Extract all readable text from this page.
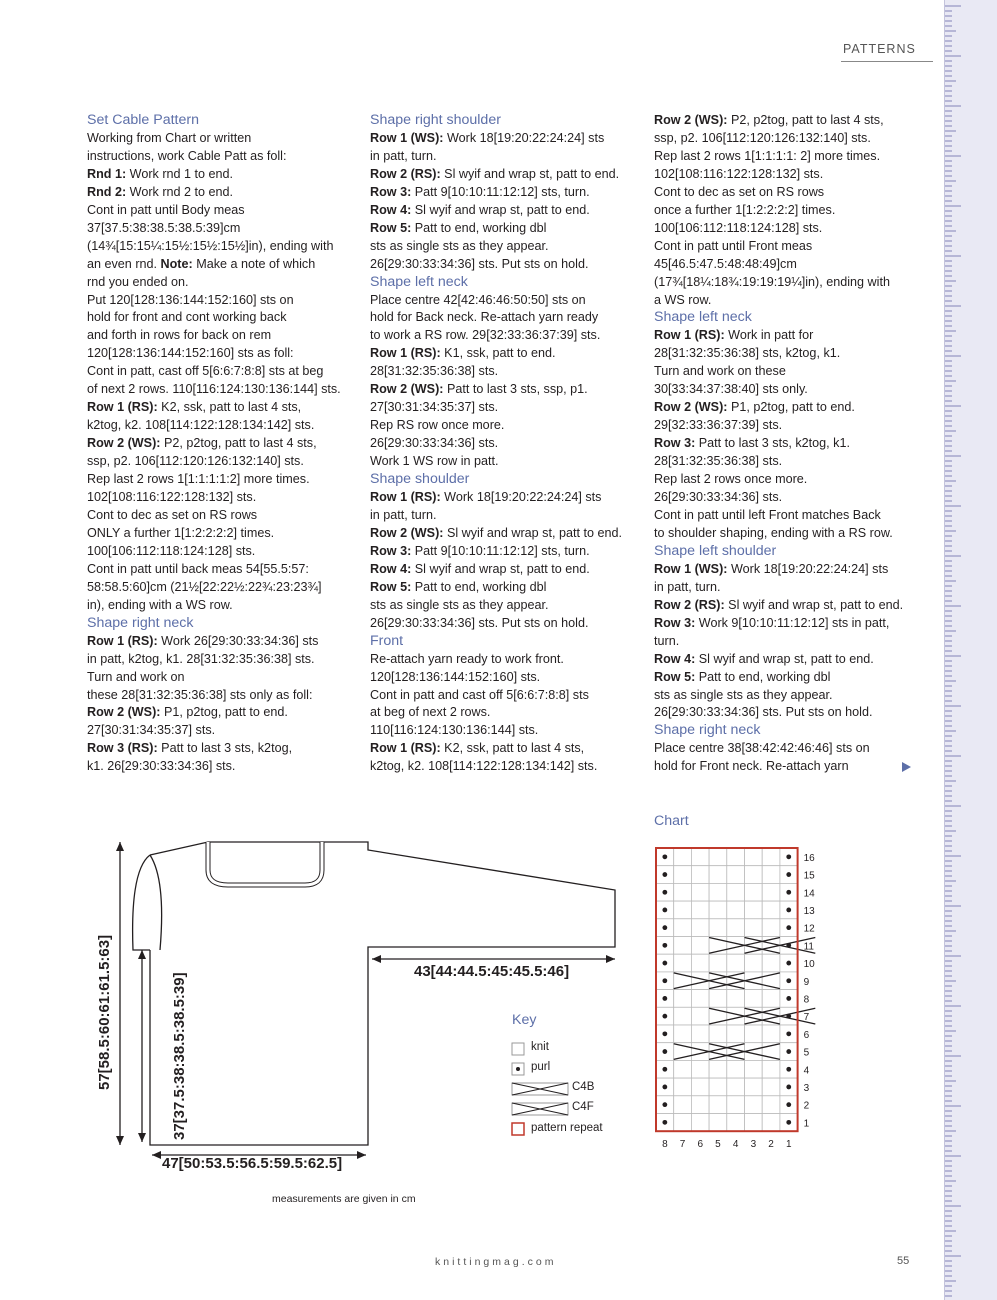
PATTERNS

Set Cable Pattern

Working from Chart or written

instructions, work Cable Patt as foll:

Rnd 1: Work rnd 1 to end.

Rnd 2: Work rnd 2 to end.

Cont in patt until Body meas

37[37.5:38:38.5:38.5:39]cm

(14¾[15:15¼:15½:15½:15½]in), ending with

an even rnd. Note: Make a note of which

rnd you ended on.

Put 120[128:136:144:152:160] sts on

hold for front and cont working back

and forth in rows for back on rem

120[128:136:144:152:160] sts as foll:

Cont in patt, cast off 5[6:6:7:8:8] sts at beg

of next 2 rows. 110[116:124:130:136:144] sts.

Row 1 (RS): K2, ssk, patt to last 4 sts,

k2tog, k2. 108[114:122:128:134:142] sts.

Row 2 (WS): P2, p2tog, patt to last 4 sts,

ssp, p2. 106[112:120:126:132:140] sts.

Rep last 2 rows 1[1:1:1:1:2] more times.

102[108:116:122:128:132] sts.

Cont to dec as set on RS rows

ONLY a further 1[1:2:2:2:2] times.

100[106:112:118:124:128] sts.

Cont in patt until back meas 54[55.5:57:

58:58.5:60]cm (21½[22:22½:22¾:23:23¾]

in), ending with a WS row.

Shape right neck

Row 1 (RS): Work 26[29:30:33:34:36] sts

in patt, k2tog, k1. 28[31:32:35:36:38] sts.

Turn and work on

these 28[31:32:35:36:38] sts only as foll:

Row 2 (WS): P1, p2tog, patt to end.

27[30:31:34:35:37] sts.

Row 3 (RS): Patt to last 3 sts, k2tog,

k1. 26[29:30:33:34:36] sts.

Shape right shoulder

Row 1 (WS): Work 18[19:20:22:24:24] sts

in patt, turn.

Row 2 (RS): Sl wyif and wrap st, patt to end.

Row 3: Patt 9[10:10:11:12:12] sts, turn.

Row 4: Sl wyif and wrap st, patt to end.

Row 5: Patt to end, working dbl

sts as single sts as they appear.

26[29:30:33:34:36] sts. Put sts on hold.

Shape left neck

Place centre 42[42:46:46:50:50] sts on

hold for Back neck. Re-attach yarn ready

to work a RS row. 29[32:33:36:37:39] sts.

Row 1 (RS): K1, ssk, patt to end.

28[31:32:35:36:38] sts.

Row 2 (WS): Patt to last 3 sts, ssp, p1.

27[30:31:34:35:37] sts.

Rep RS row once more.

26[29:30:33:34:36] sts.

Work 1 WS row in patt.

Shape shoulder

Row 1 (RS): Work 18[19:20:22:24:24] sts

in patt, turn.

Row 2 (WS): Sl wyif and wrap st, patt to end.

Row 3: Patt 9[10:10:11:12:12] sts, turn.

Row 4: Sl wyif and wrap st, patt to end.

Row 5: Patt to end, working dbl

sts as single sts as they appear.

26[29:30:33:34:36] sts. Put sts on hold.

Front

Re-attach yarn ready to work front.

120[128:136:144:152:160] sts.

Cont in patt and cast off 5[6:6:7:8:8] sts

at beg of next 2 rows.

110[116:124:130:136:144] sts.

Row 1 (RS): K2, ssk, patt to last 4 sts,

k2tog, k2. 108[114:122:128:134:142] sts.

Row 2 (WS): P2, p2tog, patt to last 4 sts,

ssp, p2. 106[112:120:126:132:140] sts.

Rep last 2 rows 1[1:1:1:1: 2] more times.

102[108:116:122:128:132] sts.

Cont to dec as set on RS rows

once a further 1[1:2:2:2:2] times.

100[106:112:118:124:128] sts.

Cont in patt until Front meas

45[46.5:47.5:48:48:49]cm

(17¾[18¼:18¾:19:19:19¼]in), ending with

a WS row.

Shape left neck

Row 1 (RS): Work in patt for

28[31:32:35:36:38] sts, k2tog, k1.

Turn and work on these

30[33:34:37:38:40] sts only.

Row 2 (WS): P1, p2tog, patt to end.

29[32:33:36:37:39] sts.

Row 3: Patt to last 3 sts, k2tog, k1.

28[31:32:35:36:38] sts.

Rep last 2 rows once more.

26[29:30:33:34:36] sts.

Cont in patt until left Front matches Back

to shoulder shaping, ending with a RS row.

Shape left shoulder

Row 1 (WS): Work 18[19:20:22:24:24] sts

in patt, turn.

Row 2 (RS): Sl wyif and wrap st, patt to end.

Row 3: Work 9[10:10:11:12:12] sts in patt,

turn.

Row 4: Sl wyif and wrap st, patt to end.

Row 5: Patt to end, working dbl

sts as single sts as they appear.

26[29:30:33:34:36] sts. Put sts on hold.

Shape right neck

Place centre 38[38:42:42:46:46] sts on

hold for Front neck. Re-attach yarn

57[58.5:60:61:61.5:63]	37[37.5:38:38.5:38.5:39]
47[50:53.5:56.5:59.5:62.5]
43[44:44.5:45:45.5:46]
measurements are given in cm
Key
knit
purl
C4B
C4F
pattern repeat
Chart
1
2
3
4
5
6
7
8
9
10
11
12
13
14
15
16
8 7 6 5 4 3 2 1
knittingmag.com	55
